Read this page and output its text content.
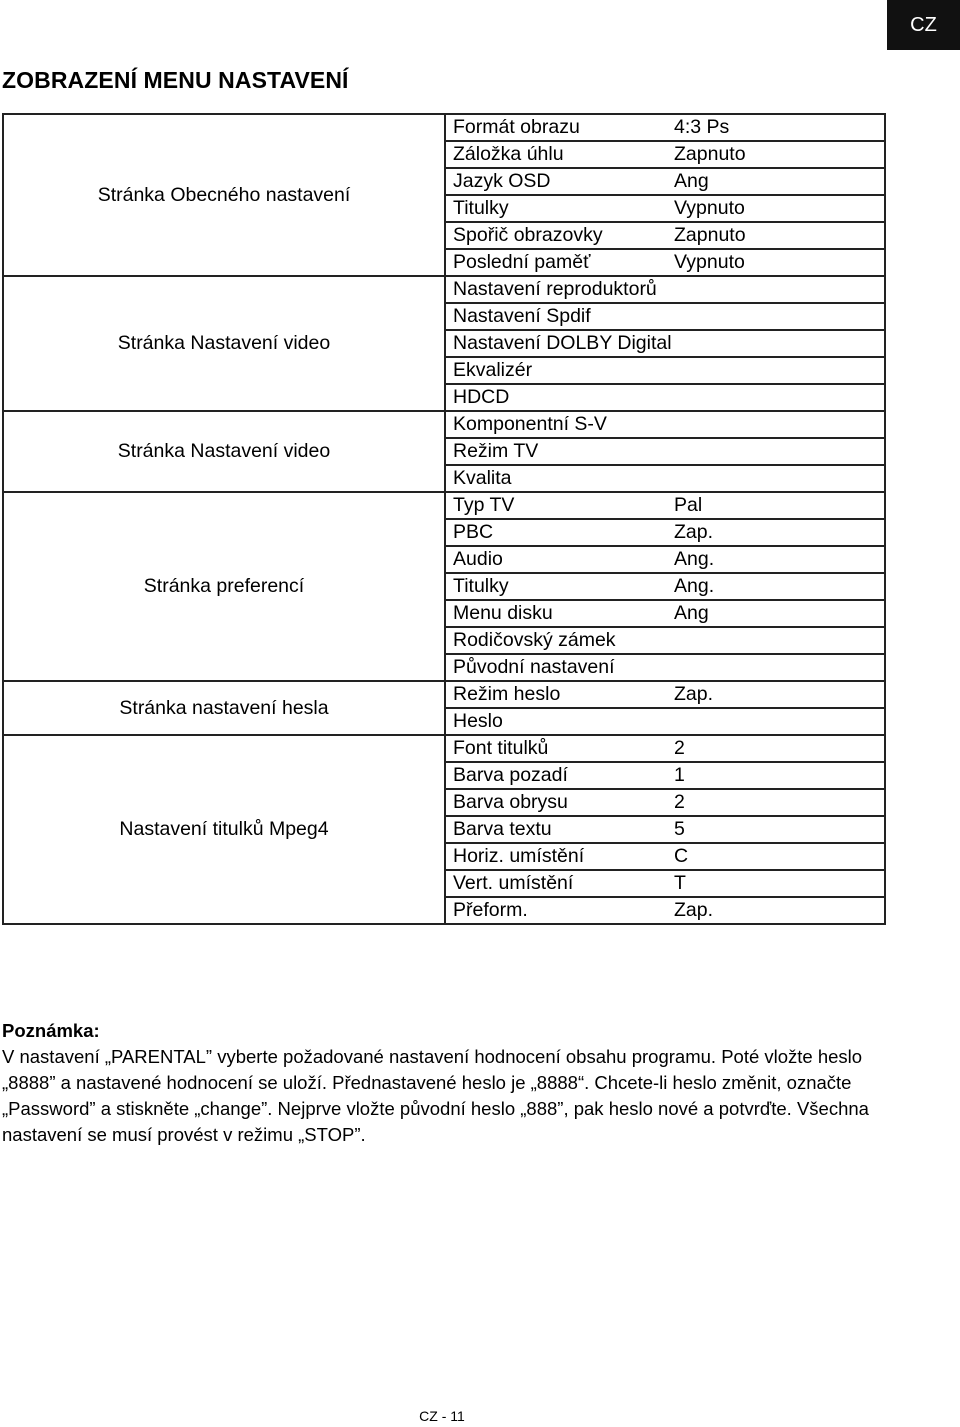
CZ
ZOBRAZENÍ MENU NASTAVENÍ
Stránka Obecného nastavení	Formát obrazu 4:3 Ps
	Záložka úhlu Zapnuto
	Jazyk OSD Ang
	Titulky Vypnuto
	Spořič obrazovky Zapnuto
	Poslední paměť Vypnuto
Stránka Nastavení video	Nastavení reproduktorů
	Nastavení Spdif
	Nastavení DOLBY Digital
	Ekvalizér
	HDCD
Stránka Nastavení video	Komponentní S-V
	Režim TV
	Kvalita
Stránka preferencí	Typ TV Pal
	PBC Zap.
	Audio Ang.
	Titulky Ang.
	Menu disku Ang
	Rodičovský zámek
	Původní nastavení
Stránka nastavení hesla	Režim heslo Zap.
	Heslo
Nastavení titulků Mpeg4	Font titulků 2
	Barva pozadí 1
	Barva obrysu 2
	Barva textu 5
	Horiz. umístění C
	Vert. umístění T
	Přeform. Zap.

Poznámka:

V nastavení „PARENTAL” vyberte požadované nastavení hodnocení obsahu programu. Poté vložte heslo „8888” a nastavené hodnocení se uloží. Přednastavené heslo je „8888“. Chcete-li heslo změnit, označte „Password” a stiskněte „change”. Nejprve vložte původní heslo „888”, pak heslo nové a potvrďte. Všechna nastavení se musí provést v režimu „STOP”.

CZ - 11
